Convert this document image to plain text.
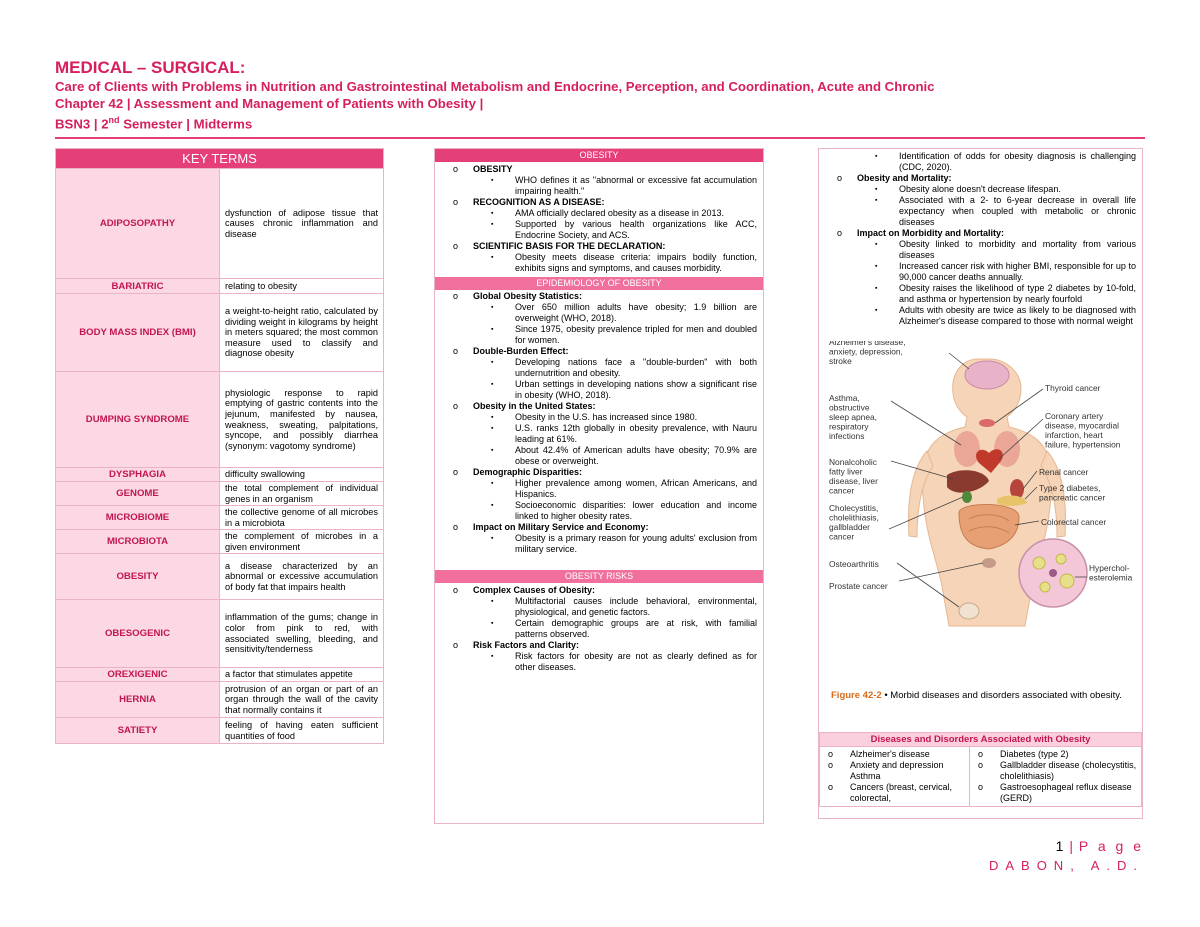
MEDICAL – SURGICAL:
Care of Clients with Problems in Nutrition and Gastrointestinal Metabolism and Endocrine, Perception, and Coordination, Acute and Chronic
Chapter 42 | Assessment and Management of Patients with Obesity |
BSN3 | 2nd Semester | Midterms
KEY TERMS	
ADIPOSOPATHY	dysfunction of adipose tissue that causes chronic inflammation and disease
BARIATRIC	relating to obesity
BODY MASS INDEX (BMI)	a weight-to-height ratio, calculated by dividing weight in kilograms by height in meters squared; the most common measure used to classify and diagnose obesity
DUMPING SYNDROME	physiologic response to rapid emptying of gastric contents into the jejunum, manifested by nausea, weakness, sweating, palpitations, syncope, and possibly diarrhea (synonym: vagotomy syndrome)
DYSPHAGIA	difficulty swallowing
GENOME	the total complement of individual genes in an organism
MICROBIOME	the collective genome of all microbes in a microbiota
MICROBIOTA	the complement of microbes in a given environment
OBESITY	a disease characterized by an abnormal or excessive accumulation of body fat that impairs health
OBESOGENIC	inflammation of the gums; change in color from pink to red, with associated swelling, bleeding, and sensitivity/tenderness
OREXIGENIC	a factor that stimulates appetite
HERNIA	protrusion of an organ or part of an organ through the wall of the cavity that normally contains it
SATIETY	feeling of having eaten sufficient quantities of food
OBESITY
o OBESITY
▪ WHO defines it as "abnormal or excessive fat accumulation impairing health."
o RECOGNITION AS A DISEASE:
▪ AMA officially declared obesity as a disease in 2013.
▪ Supported by various health organizations like ACC, Endocrine Society, and ACS.
o SCIENTIFIC BASIS FOR THE DECLARATION:
▪ Obesity meets disease criteria: impairs bodily function, exhibits signs and symptoms, and causes morbidity.
EPIDEMIOLOGY OF OBESITY
o Global Obesity Statistics:
▪ Over 650 million adults have obesity; 1.9 billion are overweight (WHO, 2018).
▪ Since 1975, obesity prevalence tripled for men and doubled for women.
o Double-Burden Effect:
▪ Developing nations face a "double-burden" with both undernutrition and obesity.
▪ Urban settings in developing nations show a significant rise in obesity (WHO, 2018).
o Obesity in the United States:
▪ Obesity in the U.S. has increased since 1980.
▪ U.S. ranks 12th globally in obesity prevalence, with Nauru leading at 61%.
▪ About 42.4% of American adults have obesity; 70.9% are obese or overweight.
o Demographic Disparities:
▪ Higher prevalence among women, African Americans, and Hispanics.
▪ Socioeconomic disparities: lower education and income linked to higher obesity rates.
o Impact on Military Service and Economy:
▪ Obesity is a primary reason for young adults' exclusion from military service.
OBESITY RISKS
o Complex Causes of Obesity:
▪ Multifactorial causes include behavioral, environmental, physiological, and genetic factors.
▪ Certain demographic groups are at risk, with familial patterns observed.
o Risk Factors and Clarity:
▪ Risk factors for obesity are not as clearly defined as for other diseases.
▪ Identification of odds for obesity diagnosis is challenging (CDC, 2020).
o Obesity and Mortality:
▪ Obesity alone doesn't decrease lifespan.
▪ Associated with a 2- to 6-year decrease in overall life expectancy when coupled with metabolic or chronic diseases
o Impact on Morbidity and Mortality:
▪ Obesity linked to morbidity and mortality from various diseases
▪ Increased cancer risk with higher BMI, responsible for up to 90,000 cancer deaths annually.
▪ Obesity raises the likelihood of type 2 diabetes by 10-fold, and asthma or hypertension by nearly fourfold
▪ Adults with obesity are twice as likely to be diagnosed with Alzheimer's disease compared to those with normal weight
Alzheimer's disease, anxiety, depression, stroke
Asthma, obstructive sleep apnea, respiratory infections
Nonalcoholic fatty liver disease, liver cancer
Cholecystitis, cholelithiasis, gallbladder cancer
Osteoarthritis
Prostate cancer
Thyroid cancer
Coronary artery disease, myocardial infarction, heart failure, hypertension
Renal cancer
Type 2 diabetes, pancreatic cancer
Colorectal cancer
Hyperchol-esterolemia
Figure 42-2 • Morbid diseases and disorders associated with obesity.
Diseases and Disorders Associated with Obesity

o Alzheimer's disease
o Anxiety and depression Asthma
o Cancers (breast, cervical, colorectal,

o Diabetes (type 2)
o Gallbladder disease (cholecystitis, cholelithiasis)
o Gastroesophageal reflux disease (GERD)
1 | P a g e
DABON, A.D.
